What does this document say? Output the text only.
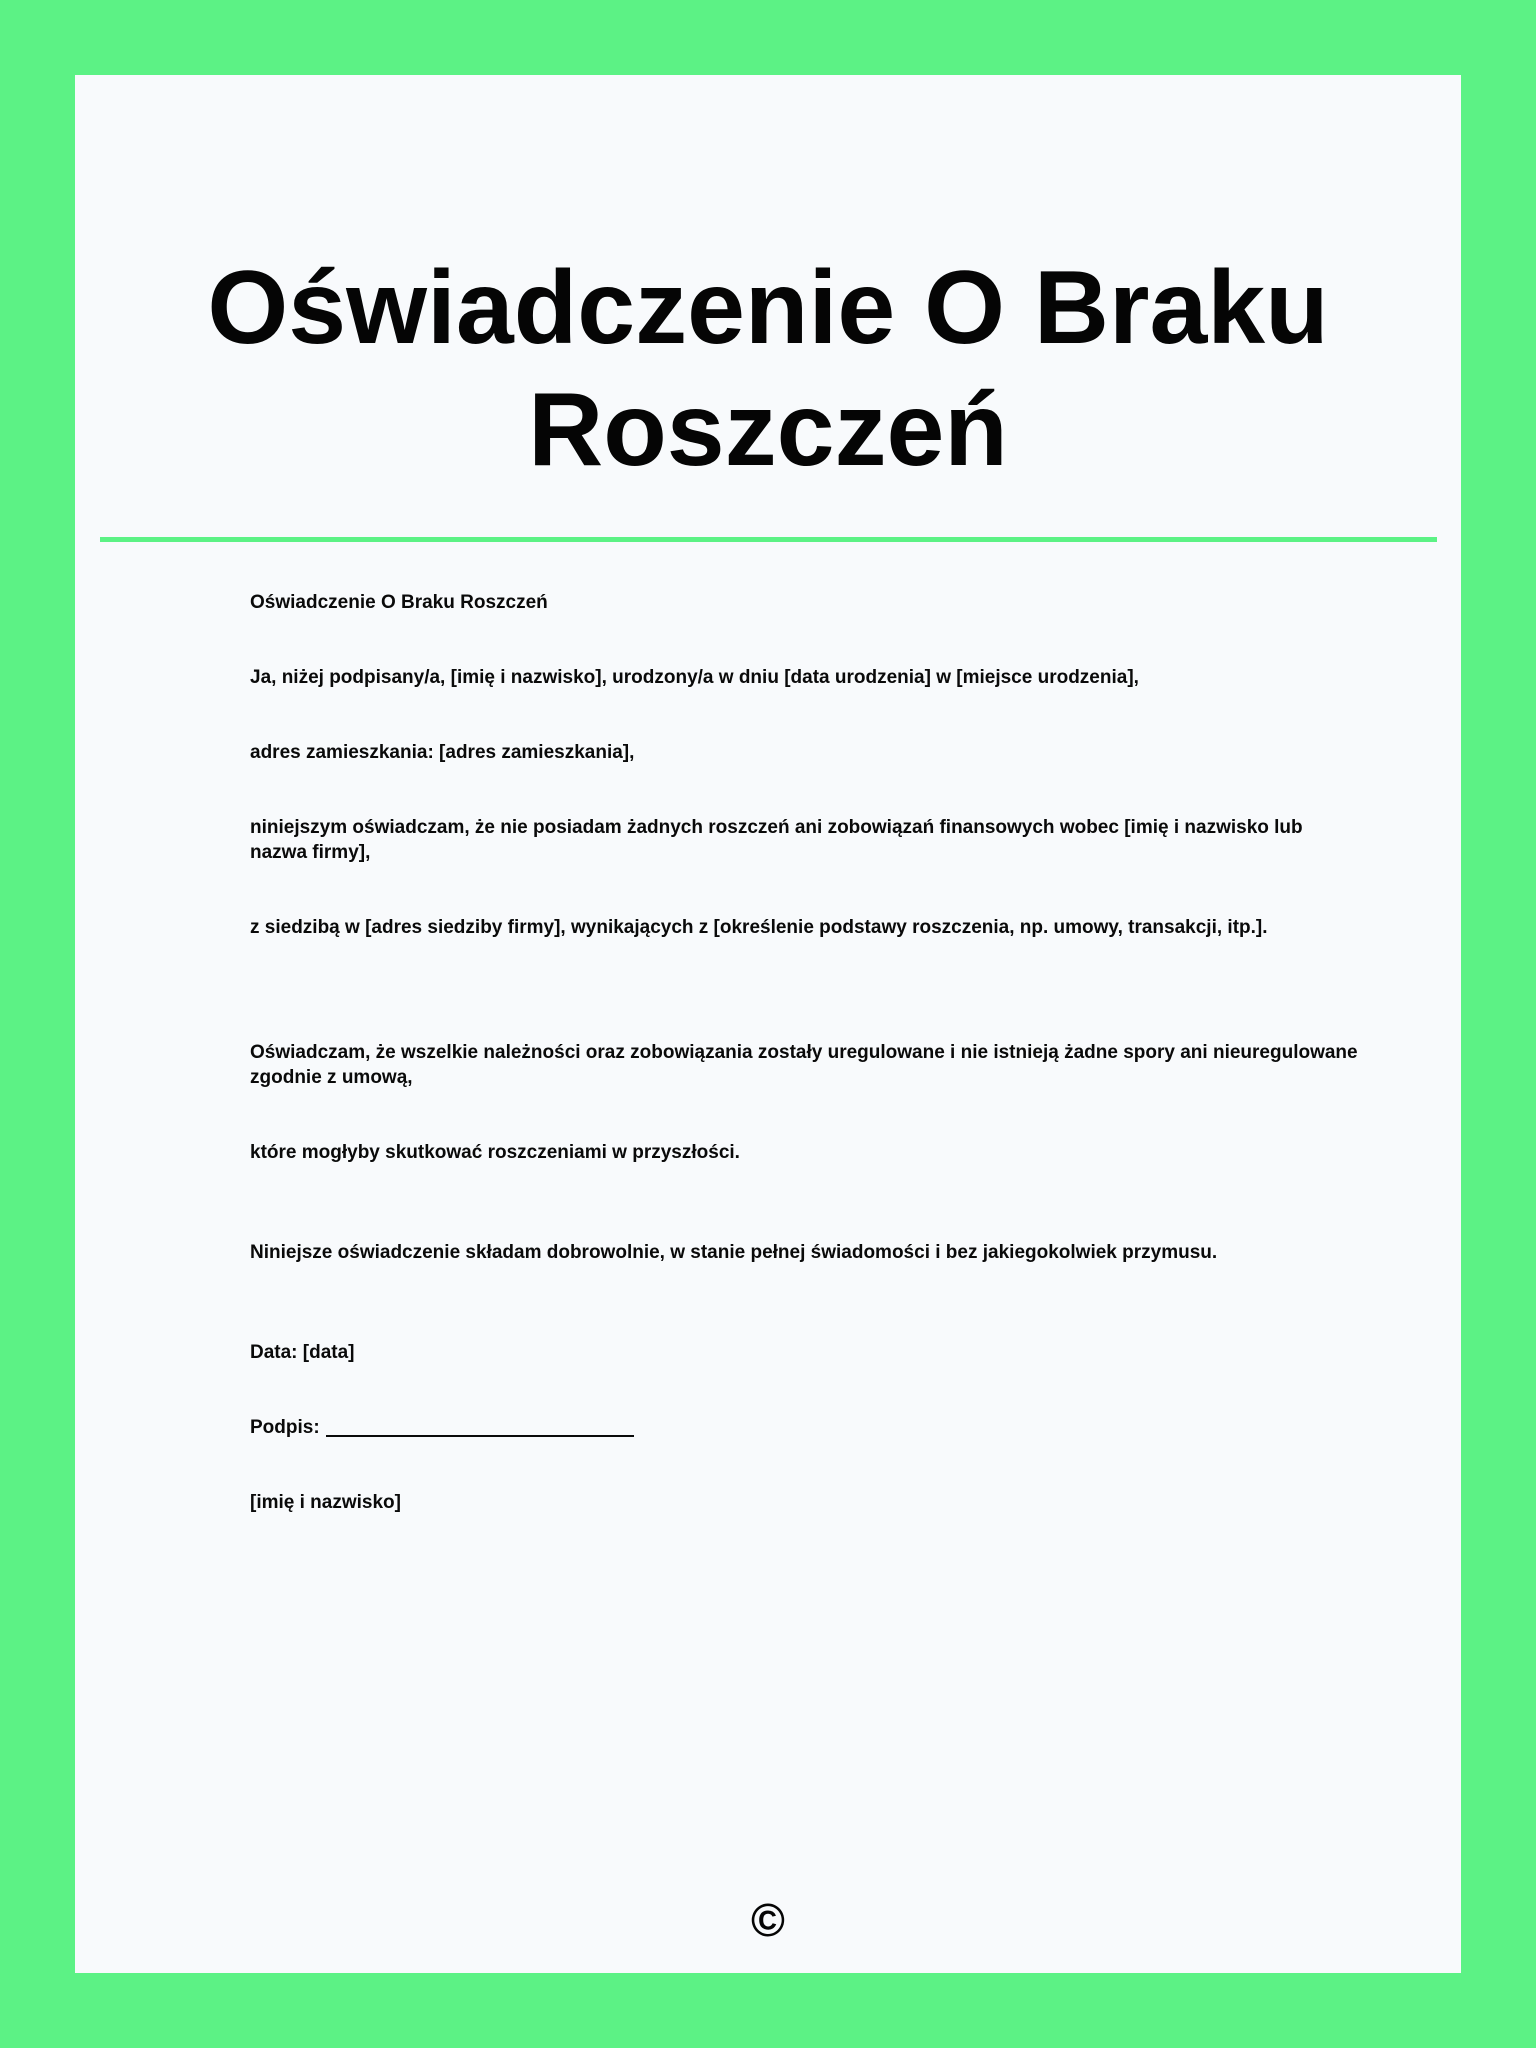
Oświadczenie O Braku Roszczeń

Oświadczenie O Braku Roszczeń

Ja, niżej podpisany/a, [imię i nazwisko], urodzony/a w dniu [data urodzenia] w [miejsce urodzenia],

adres zamieszkania: [adres zamieszkania],

niniejszym oświadczam, że nie posiadam żadnych roszczeń ani zobowiązań finansowych wobec [imię i nazwisko lub nazwa firmy],

z siedzibą w [adres siedziby firmy], wynikających z [określenie podstawy roszczenia, np. umowy, transakcji, itp.].

Oświadczam, że wszelkie należności oraz zobowiązania zostały uregulowane i nie istnieją żadne spory ani nieuregulowane zgodnie z umową,

które mogłyby skutkować roszczeniami w przyszłości.

Niniejsze oświadczenie składam dobrowolnie, w stanie pełnej świadomości i bez jakiegokolwiek przymusu.

Data: [data]

Podpis:

[imię i nazwisko]

©
